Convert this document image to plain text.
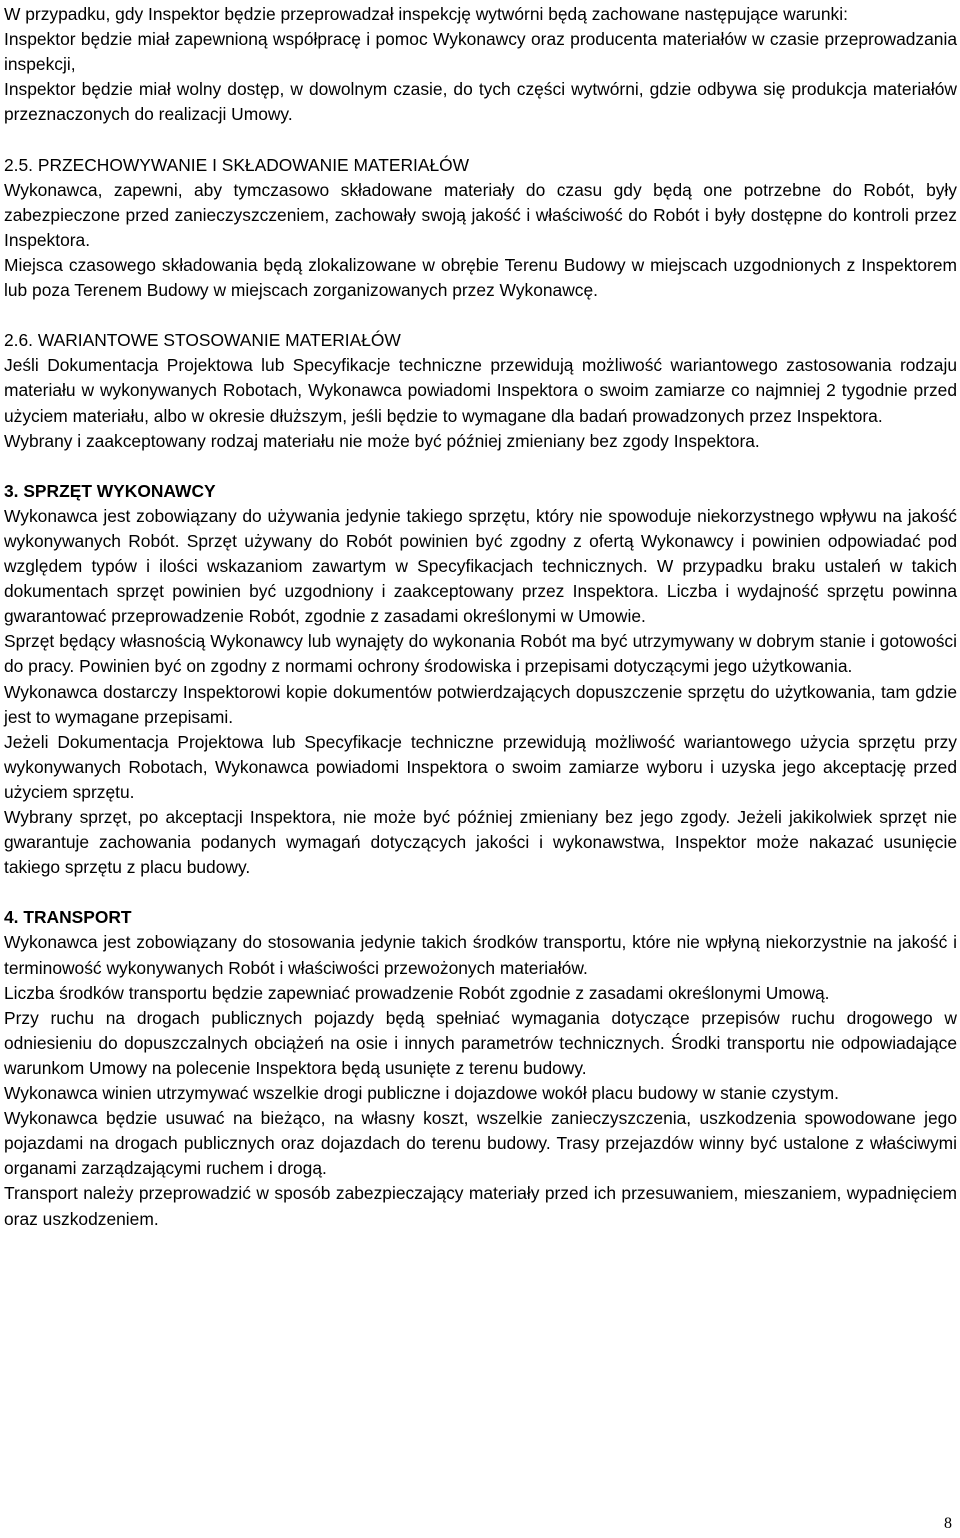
W przypadku, gdy Inspektor będzie przeprowadzał inspekcję wytwórni będą zachowane następujące warunki:

Inspektor będzie miał zapewnioną współpracę i pomoc Wykonawcy oraz producenta materiałów w czasie przeprowadzania inspekcji,

Inspektor będzie miał wolny dostęp, w dowolnym czasie, do tych części wytwórni, gdzie odbywa się produkcja materiałów przeznaczonych do realizacji Umowy.

2.5. PRZECHOWYWANIE I SKŁADOWANIE MATERIAŁÓW

Wykonawca, zapewni, aby tymczasowo składowane materiały do czasu gdy będą one potrzebne do Robót, były zabezpieczone przed zanieczyszczeniem, zachowały swoją jakość i właściwość do Robót i były dostępne do kontroli przez Inspektora.

Miejsca czasowego składowania będą zlokalizowane w obrębie Terenu Budowy w miejscach uzgodnionych z Inspektorem lub poza Terenem Budowy w miejscach zorganizowanych przez Wykonawcę.

2.6. WARIANTOWE STOSOWANIE MATERIAŁÓW

Jeśli Dokumentacja Projektowa lub Specyfikacje techniczne przewidują możliwość wariantowego zastosowania rodzaju materiału w wykonywanych Robotach, Wykonawca powiadomi Inspektora o swoim zamiarze co najmniej 2 tygodnie przed użyciem materiału, albo w okresie dłuższym, jeśli będzie to wymagane dla badań prowadzonych przez Inspektora.

Wybrany i zaakceptowany rodzaj materiału nie może być później zmieniany bez zgody Inspektora.

3. SPRZĘT WYKONAWCY

Wykonawca jest zobowiązany do używania jedynie takiego sprzętu, który nie spowoduje niekorzystnego wpływu na jakość wykonywanych Robót. Sprzęt używany do Robót powinien być zgodny z ofertą Wykonawcy i powinien odpowiadać pod względem typów i ilości wskazaniom zawartym w Specyfikacjach technicznych. W przypadku braku ustaleń w takich dokumentach sprzęt powinien być uzgodniony i zaakceptowany przez Inspektora. Liczba i wydajność sprzętu powinna gwarantować przeprowadzenie Robót, zgodnie z zasadami określonymi w Umowie.

Sprzęt będący własnością Wykonawcy lub wynajęty do wykonania Robót ma być utrzymywany w dobrym stanie i gotowości do pracy. Powinien być on zgodny z normami ochrony środowiska i przepisami dotyczącymi jego użytkowania.

Wykonawca dostarczy Inspektorowi kopie dokumentów potwierdzających dopuszczenie sprzętu do użytkowania, tam gdzie jest to wymagane przepisami.

Jeżeli Dokumentacja Projektowa lub Specyfikacje techniczne przewidują możliwość wariantowego użycia sprzętu przy wykonywanych Robotach, Wykonawca powiadomi Inspektora o swoim zamiarze wyboru i uzyska jego akceptację przed użyciem sprzętu.

Wybrany sprzęt, po akceptacji Inspektora, nie może być później zmieniany bez jego zgody. Jeżeli jakikolwiek sprzęt nie gwarantuje zachowania podanych wymagań dotyczących jakości i wykonawstwa, Inspektor może nakazać usunięcie takiego sprzętu z placu budowy.

4. TRANSPORT

Wykonawca jest zobowiązany do stosowania jedynie takich środków transportu, które nie wpłyną niekorzystnie na jakość i terminowość wykonywanych Robót i właściwości przewożonych materiałów.

Liczba środków transportu będzie zapewniać prowadzenie Robót zgodnie z zasadami określonymi Umową.

Przy ruchu na drogach publicznych pojazdy będą spełniać wymagania dotyczące przepisów ruchu drogowego w odniesieniu do dopuszczalnych obciążeń na osie i innych parametrów technicznych. Środki transportu nie odpowiadające warunkom Umowy na polecenie Inspektora będą usunięte z terenu budowy.

Wykonawca winien utrzymywać wszelkie drogi publiczne i dojazdowe wokół placu budowy w stanie czystym.

Wykonawca będzie usuwać na bieżąco, na własny koszt, wszelkie zanieczyszczenia, uszkodzenia spowodowane jego pojazdami na drogach publicznych oraz dojazdach do terenu budowy. Trasy przejazdów winny być ustalone z właściwymi organami zarządzającymi ruchem i drogą.

Transport należy przeprowadzić w sposób zabezpieczający materiały przed ich przesuwaniem, mieszaniem, wypadnięciem oraz uszkodzeniem.

8
